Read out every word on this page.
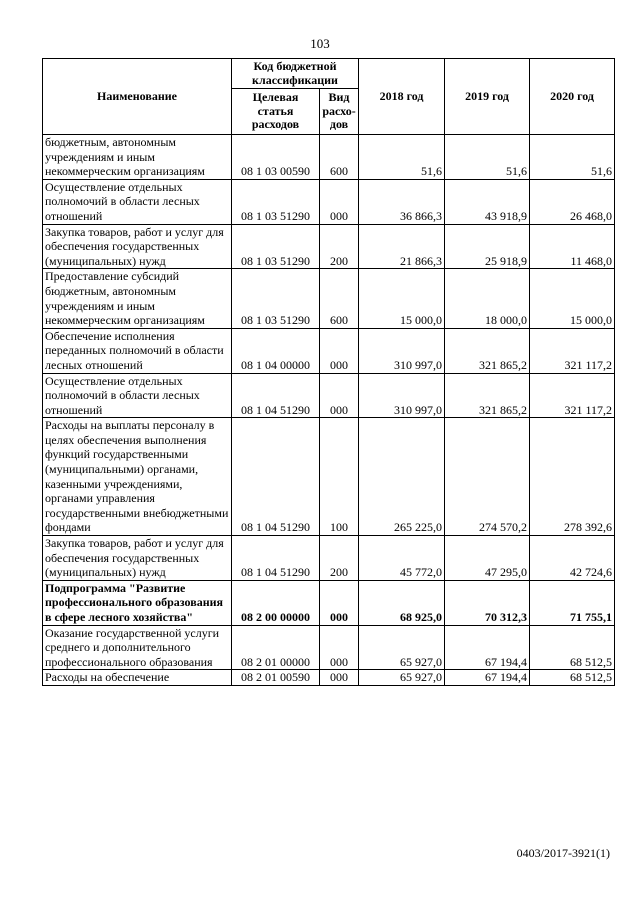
103
Наименование	Код бюджетной классификации		2018 год	2019 год	2020 год
	Целевая статья расходов	Вид расхо- дов			
бюджетным, автономным учреждениям и иным некоммерческим организациям	08 1 03 00590	600	51,6	51,6	51,6
Осуществление отдельных полномочий в области лесных отношений	08 1 03 51290	000	36 866,3	43 918,9	26 468,0
Закупка товаров, работ и услуг для обеспечения государственных (муниципальных) нужд	08 1 03 51290	200	21 866,3	25 918,9	11 468,0
Предоставление субсидий бюджетным, автономным учреждениям и иным некоммерческим организациям	08 1 03 51290	600	15 000,0	18 000,0	15 000,0
Обеспечение исполнения переданных полномочий в области лесных отношений	08 1 04 00000	000	310 997,0	321 865,2	321 117,2
Осуществление отдельных полномочий в области лесных отношений	08 1 04 51290	000	310 997,0	321 865,2	321 117,2
Расходы на выплаты персоналу в целях обеспечения выполнения функций государственными (муниципальными) органами, казенными учреждениями, органами управления государственными внебюджетными фондами	08 1 04 51290	100	265 225,0	274 570,2	278 392,6
Закупка товаров, работ и услуг для обеспечения государственных (муниципальных) нужд	08 1 04 51290	200	45 772,0	47 295,0	42 724,6
Подпрограмма "Развитие профессионального образования в сфере лесного хозяйства"	08 2 00 00000	000	68 925,0	70 312,3	71 755,1
Оказание государственной услуги среднего и дополнительного профессионального образования	08 2 01 00000	000	65 927,0	67 194,4	68 512,5
Расходы на обеспечение	08 2 01 00590	000	65 927,0	67 194,4	68 512,5
0403/2017-3921(1)
